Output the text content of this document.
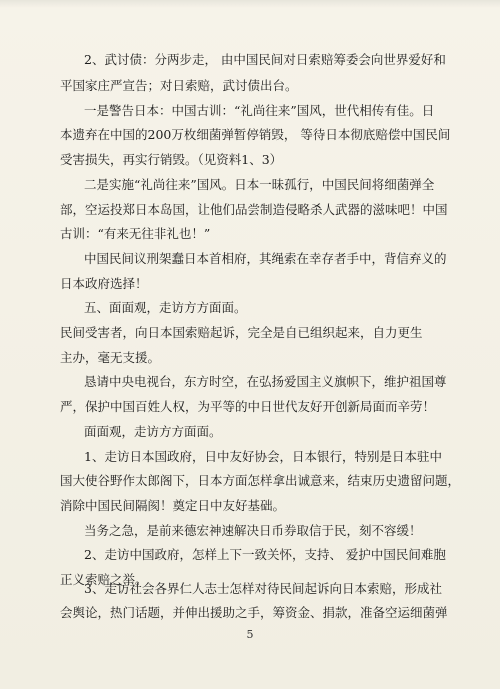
2、武讨债：分两步走， 由中国民间对日索赔筹委会向世界爱好和
平国家庄严宣告；对日索赔，武讨债出台。
一是警告日本：中国古训：“礼尚往来”国风，世代相传有佳。日
本遗弃在中国的200万枚细菌弹暂停销毁， 等待日本彻底赔偿中国民间
受害损失，再实行销毁。（见资料1、3）
二是实施“礼尚往来”国风。日本一昧孤行，中国民间将细菌弹全
部，空运投郑日本岛国，让他们品尝制造侵略杀人武器的滋味吧！中国
古训：“有来无往非礼也！”
中国民间议刑架蠢日本首相府，其绳索在幸存者手中，背信弃义的
日本政府选择！
五、面面观，走访方方面面。
民间受害者，向日本国索赔起诉，完全是自已组织起来，自力更生
主办，毫无支援。
恳请中央电视台，东方时空，在弘扬爱国主义旗帜下，维护祖国尊
严，保护中国百姓人权，为平等的中日世代友好开创新局面而辛劳！
面面观，走访方方面面。
1、走访日本国政府，日中友好协会，日本银行，特别是日本驻中
国大使谷野作太郎阁下，日本方面怎样拿出诚意来，结束历史遗留问题，
消除中国民间隔阂！奠定日中友好基础。
当务之急，是前来德宏神速解决日币券取信于民，刻不容缓！
2、走访中国政府，怎样上下一致关怀，支持、 爱护中国民间难胞
正义索赔之举。
3、走访社会各界仁人志士怎样对待民间起诉向日本索赔，形成社
5
会舆论，热门话题，并伸出援助之手，筹资金、捐款，准备空运细菌弹
